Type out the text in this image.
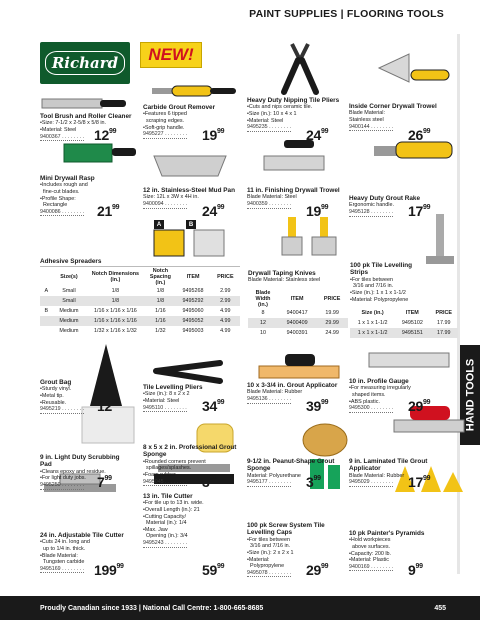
PAINT SUPPLIES | FLOORING TOOLS
Richard	NEW!
HAND TOOLS
A	B
Tool Brush and Roller Cleaner
•Size: 7-1/2 x 2-5/8 x 5/8 in.
•Material: Steel
9400367 . . . . . . . . $12^{99}$
Carbide Grout Remover
•Features 6 tipped
scraping edges.
•Soft-grip handle.
9495227 . . . . . . . .	$19^{99}$
Heavy Duty Nipping Tile Pliers
•Cuts and nips ceramic tile.
•Size (in.): 10 x 4 x 1
•Material: Steel
9495235 . . . . . . . .	$24^{99}$
Inside Corner Drywall Trowel
Blade Material:
Stainless steel
9400144 . . . . . . . .
$26^{99}$
Mini Drywall Rasp
•Includes rough and
fine-cut blades.
•Profile Shape:
Rectangle
9400086 . . . . . . . . $21^{99}$
12 in. Stainless-Steel Mud Pan
Size: 12L x 3W x 4H in.
9400094 . . . . . . . .	$24^{99}$
11 in. Finishing Drywall Trowel
Blade Material: Steel
9400359 . . . . . . . .	$19^{99}$
Heavy Duty Grout Rake
Ergonomic handle.
9495128 . . . . . . . .	$17^{99}$
Grout Bag
•Sturdy vinyl.
•Metal tip.
•Reusable.
9495219 . . . . . . . . $12^{99}$
Tile Levelling Pliers
•Size (in.): 8 x 2 x 2
•Material: Steel
9495110 . . . . . . . .	$34^{99}$
10 x 3-3/4 in. Grout Applicator
Blade Material: Rubber
9495136 . . . . . . . .	$39^{99}$
10 in. Profile Gauge
•For measuring irregularly
shaped items.
•ABS plastic.
9495300 . . . . . . . .	$29^{99}$
9 in. Light Duty Scrubbing Pad
•Cleans epoxy and residue.
•For light duty jobs.
9495250 . . . . . . . . $7^{99}$
8 x 5 x 2 in. Professional Grout Sponge
•Rounded corners prevent
spillages/splashes.
•Foam rubber.
9495045 . . . . . . . .	$3^{99}$
9-1/2 in. Peanut-Shape Grout Sponge
Material: Polyurethane
9495177 . . . . . . . .	$3^{99}$
9 in. Laminated Tile Grout Applicator
Blade Material: Rubber
9495029 . . . . . . . .	$17^{99}$
24 in. Adjustable Tile Cutter
•Cuts 24 in. long and
up to 1/4 in. thick.
•Blade Material:
Tungsten carbide
9495169 . . . . . . . . $199^{99}$
13 in. Tile Cutter
•For tile up to 13 in. wide.
•Overall Length (in.): 21
•Cutting Capacity/
Material (in.): 1/4
•Max. Jaw
Opening (in.): 3/4
9495243 . . . . . . . .
$59^{99}$
100 pk Screw System Tile Levelling Caps
•For tiles between
3/16 and 7/16 in.
•Size (in.): 2 x 2 x 1
•Material:
Polypropylene
9495078 . . . . . . . .	$29^{99}$
10 pk Painter's Pyramids
•Hold workpieces
above surfaces.
•Capacity: 200 lb.
•Material: Plastic
9400169 . . . . . . . .	$9^{99}$
Adhesive Spreaders
	Size(s)	Notch Dimensions (in.)	Notch Spacing (in.)	ITEM	PRICE
A	Small	1/8	1/8	9495268	2.99
	Small	1/8	1/8	9495292	2.99
B	Medium	1/16 x 1/16 x 1/16	1/16	9495060	4.99
	Medium	1/16 x 1/16 x 1/16	1/16	9495052	4.99
	Medium	1/32 x 1/16 x 1/32	1/32	9495003	4.99
Drywall Taping Knives
Blade Material: Stainless steel
Blade Width (in.)	ITEM	PRICE
8	9400417	19.99
12	9400409	29.99
10	9400391	24.99
100 pk Tile Levelling Strips
•For tiles between
3/16 and 7/16 in.
•Size (in.): 1 x 1 x 1-1/2
•Material: Polypropylene
Size (in.)	ITEM	PRICE
1 x 1 x 1-1/2	9495102	17.99
1 x 1 x 1-1/2	9495151	17.99
Proudly Canadian since 1933 | National Call Centre: 1-800-665-8685	455
